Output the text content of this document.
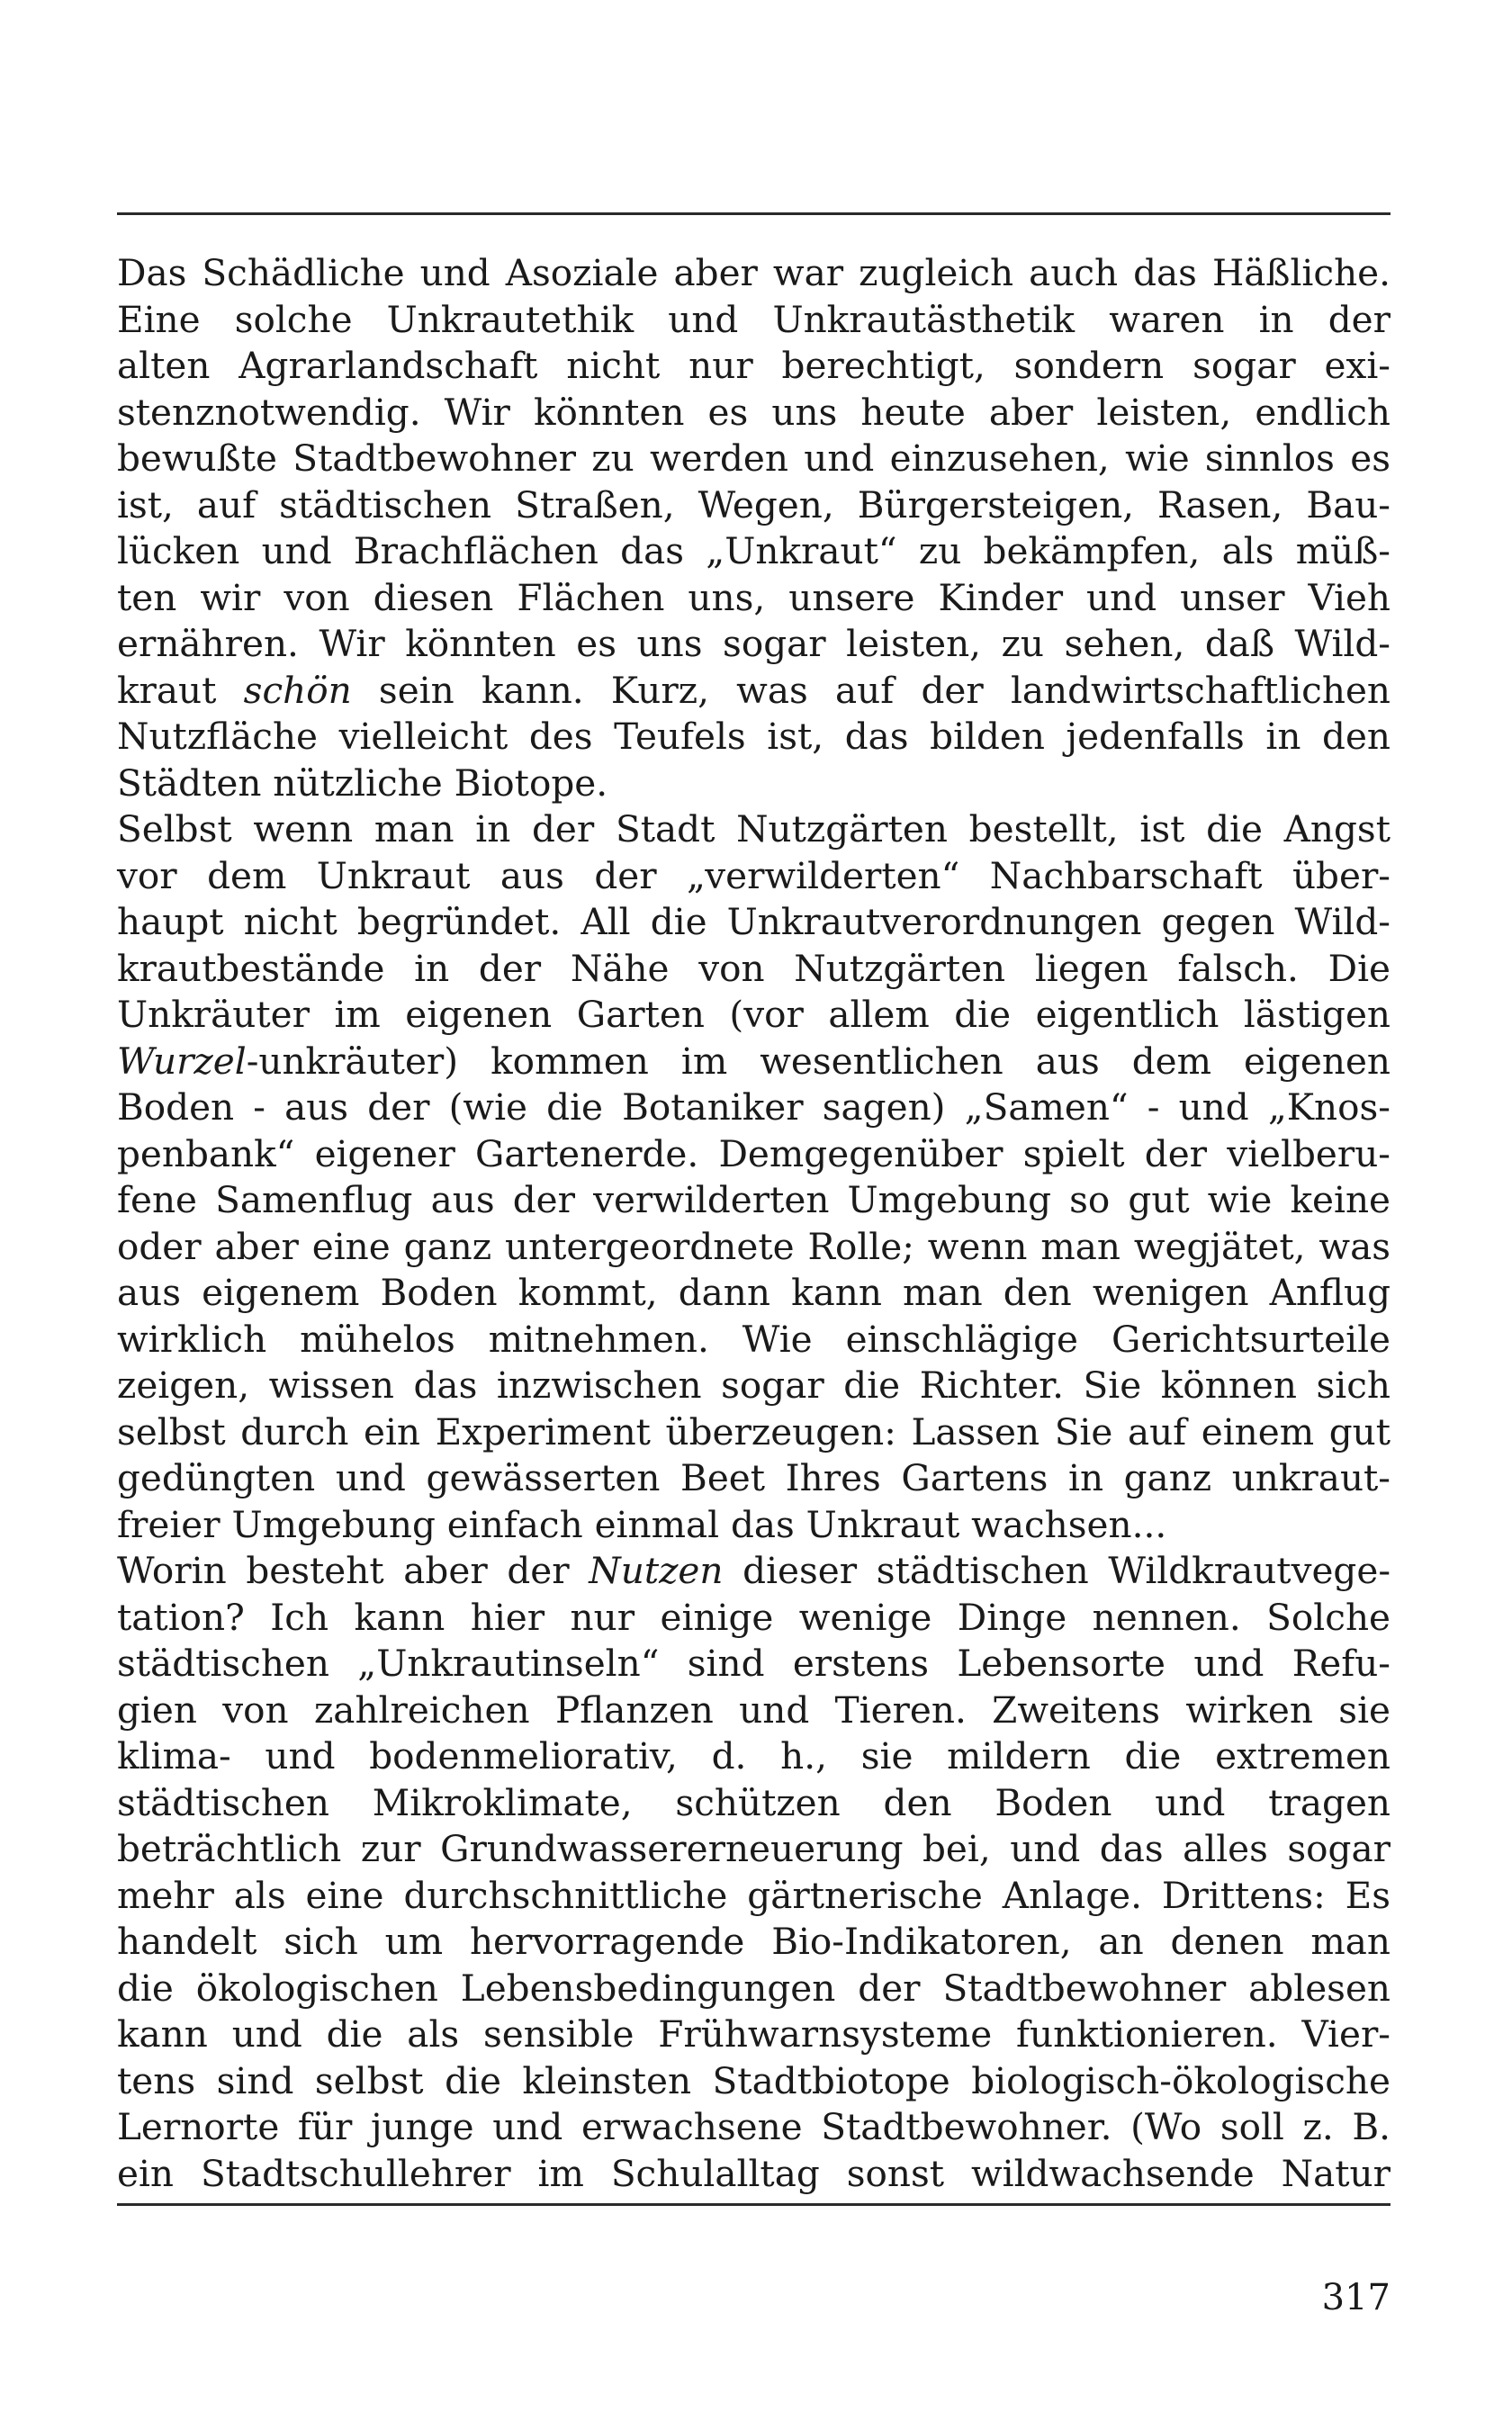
Das Schädliche und Asoziale aber war zugleich auch das Häßliche.
Eine solche Unkrautethik und Unkrautästhetik waren in der
alten Agrarlandschaft nicht nur berechtigt, sondern sogar exi-
stenznotwendig. Wir könnten es uns heute aber leisten, endlich
bewußte Stadtbewohner zu werden und einzusehen, wie sinnlos es
ist, auf städtischen Straßen, Wegen, Bürgersteigen, Rasen, Bau-
lücken und Brachflächen das „Unkraut“ zu bekämpfen, als müß-
ten wir von diesen Flächen uns, unsere Kinder und unser Vieh
ernähren. Wir könnten es uns sogar leisten, zu sehen, daß Wild-
kraut schön sein kann. Kurz, was auf der landwirtschaftlichen
Nutzfläche vielleicht des Teufels ist, das bilden jedenfalls in den
Städten nützliche Biotope.
Selbst wenn man in der Stadt Nutzgärten bestellt, ist die Angst
vor dem Unkraut aus der „verwilderten“ Nachbarschaft über-
haupt nicht begründet. All die Unkrautverordnungen gegen Wild-
krautbestände in der Nähe von Nutzgärten liegen falsch. Die
Unkräuter im eigenen Garten (vor allem die eigentlich lästigen
Wurzel-unkräuter) kommen im wesentlichen aus dem eigenen
Boden - aus der (wie die Botaniker sagen) „Samen“ - und „Knos-
penbank“ eigener Gartenerde. Demgegenüber spielt der vielberu-
fene Samenflug aus der verwilderten Umgebung so gut wie keine
oder aber eine ganz untergeordnete Rolle; wenn man wegjätet, was
aus eigenem Boden kommt, dann kann man den wenigen Anflug
wirklich mühelos mitnehmen. Wie einschlägige Gerichtsurteile
zeigen, wissen das inzwischen sogar die Richter. Sie können sich
selbst durch ein Experiment überzeugen: Lassen Sie auf einem gut
gedüngten und gewässerten Beet Ihres Gartens in ganz unkraut-
freier Umgebung einfach einmal das Unkraut wachsen...
Worin besteht aber der Nutzen dieser städtischen Wildkrautvege-
tation? Ich kann hier nur einige wenige Dinge nennen. Solche
städtischen „Unkrautinseln“ sind erstens Lebensorte und Refu-
gien von zahlreichen Pflanzen und Tieren. Zweitens wirken sie
klima- und bodenmeliorativ, d. h., sie mildern die extremen
städtischen Mikroklimate, schützen den Boden und tragen
beträchtlich zur Grundwassererneuerung bei, und das alles sogar
mehr als eine durchschnittliche gärtnerische Anlage. Drittens: Es
handelt sich um hervorragende Bio-Indikatoren, an denen man
die ökologischen Lebensbedingungen der Stadtbewohner ablesen
kann und die als sensible Frühwarnsysteme funktionieren. Vier-
tens sind selbst die kleinsten Stadtbiotope biologisch-ökologische
Lernorte für junge und erwachsene Stadtbewohner. (Wo soll z. B.
ein Stadtschullehrer im Schulalltag sonst wildwachsende Natur
317
